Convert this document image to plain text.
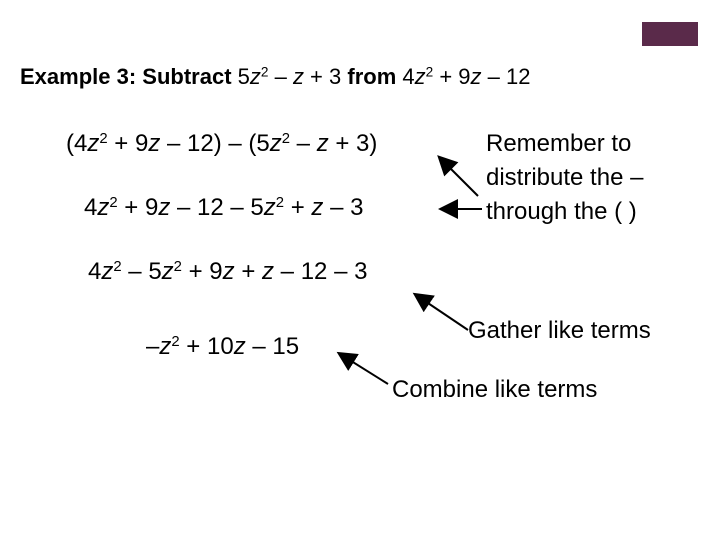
Example 3: Subtract $5z^2 - z + 3$ from $4z^2 + 9z - 12$
$(4z^2 + 9z - 12) - (5z^2 - z + 3)$
$4z^2 + 9z - 12 - 5z^2 + z - 3$
$4z^2 - 5z^2 + 9z + z - 12 - 3$
$-z^2 + 10z - 15$
Remember to
distribute the –
through the ( )
Gather like terms
Combine like terms
